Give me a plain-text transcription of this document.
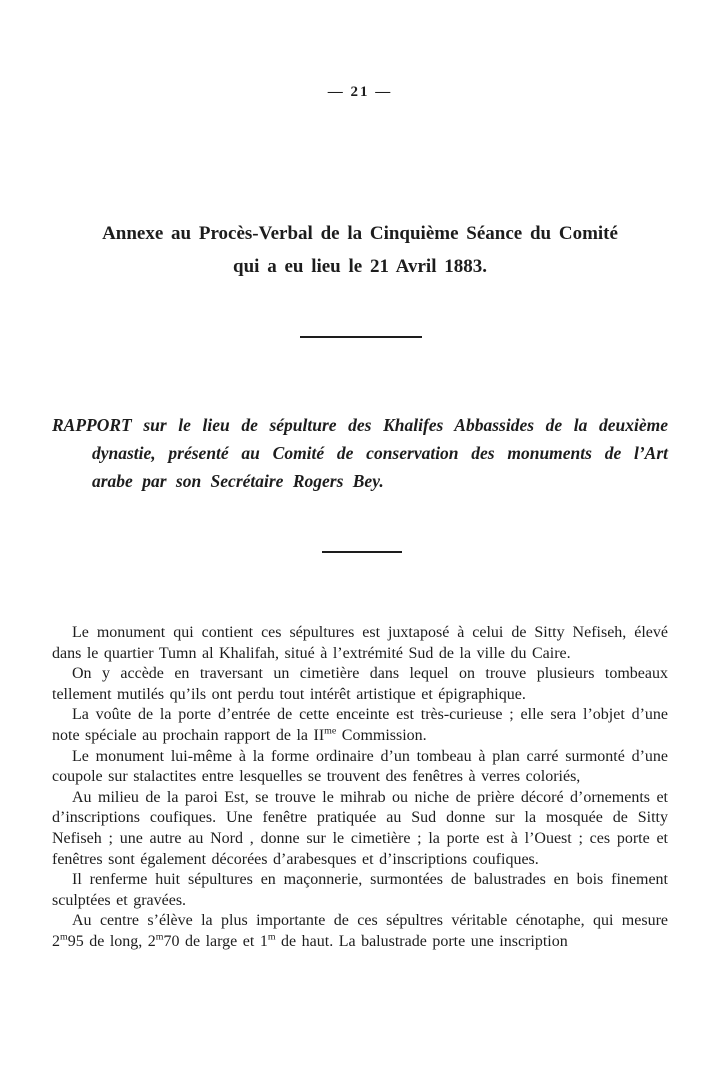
— 21 —
Annexe au Procès-Verbal de la Cinquième Séance du Comité
qui a eu lieu le 21 Avril 1883.

RAPPORT sur le lieu de sépulture des Khalifes Abbassides de la deuxième dynastie, présenté au Comité de conservation des monuments de l’Art arabe par son Secrétaire Rogers Bey.

Le monument qui contient ces sépultures est juxtaposé à celui de Sitty Nefiseh, élevé dans le quartier Tumn al Khalifah, situé à l’extrémité Sud de la ville du Caire.

On y accède en traversant un cimetière dans lequel on trouve plusieurs tombeaux tellement mutilés qu’ils ont perdu tout intérêt artistique et épigraphique.

La voûte de la porte d’entrée de cette enceinte est très-curieuse ; elle sera l’objet d’une note spéciale au prochain rapport de la $II^{me}$ Commission.

Le monument lui-même à la forme ordinaire d’un tombeau à plan carré surmonté d’une coupole sur stalactites entre lesquelles se trouvent des fenêtres à verres coloriés,

Au milieu de la paroi Est, se trouve le mihrab ou niche de prière décoré d’ornements et d’inscriptions coufiques. Une fenêtre pratiquée au Sud donne sur la mosquée de Sitty Nefiseh ; une autre au Nord , donne sur le cimetière ; la porte est à l’Ouest ; ces porte et fenêtres sont également décorées d’arabesques et d’inscriptions coufiques.

Il renferme huit sépultures en maçonnerie, surmontées de balustrades en bois finement sculptées et gravées.

Au centre s’élève la plus importante de ces sépultres véritable cénotaphe, qui mesure 2$^m$95 de long, 2$^m$70 de large et 1$^m$ de haut. La balustrade porte une inscription
